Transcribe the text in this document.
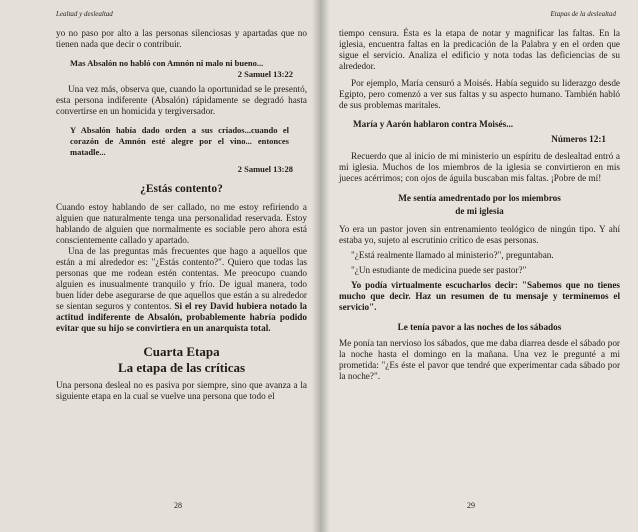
Lealtad y deslealtad

yo no paso por alto a las personas silenciosas y apartadas que no tienen nada que decir o contribuir.

Mas Absalón no habló con Amnón ni malo ni bueno...

2 Samuel 13:22

Una vez más, observa que, cuando la oportunidad se le presentó, esta persona indiferente (Absalón) rápidamente se degradó hasta convertirse en un homicida y tergiversador.

Y Absalón había dado orden a sus criados...cuando el corazón de Amnón esté alegre por el vino... entonces matadle...

2 Samuel 13:28

¿Estás contento?

Cuando estoy hablando de ser callado, no me estoy refiriendo a alguien que naturalmente tenga una personalidad reservada. Estoy hablando de alguien que normalmente es sociable pero ahora está conscientemente callado y apartado.

Una de las preguntas más frecuentes que hago a aquellos que están a mi alrededor es: "¿Estás contento?". Quiero que todas las personas que me rodean estén contentas. Me preocupo cuando alguien es inusualmente tranquilo y frío. De igual manera, todo buen líder debe asegurarse de que aquellos que están a su alrededor se sientan seguros y contentos. Si el rey David hubiera notado la actitud indiferente de Absalón, probablemente habría podido evitar que su hijo se convirtiera en un anarquista total.

Cuarta Etapa

La etapa de las críticas

Una persona desleal no es pasiva por siempre, sino que avanza a la siguiente etapa en la cual se vuelve una persona que todo el

28
Etapas de la deslealtad

tiempo censura. Ésta es la etapa de notar y magnificar las faltas. En la iglesia, encuentra faltas en la predicación de la Palabra y en el orden que sigue el servicio. Analiza el edificio y nota todas las deficiencias de su alrededor.

Por ejemplo, María censuró a Moisés. Había seguido su liderazgo desde Egipto, pero comenzó a ver sus faltas y su aspecto humano. También habló de sus problemas maritales.

María y Aarón hablaron contra Moisés...

Números 12:1

Recuerdo que al inicio de mi ministerio un espíritu de deslealtad entró a mi iglesia. Muchos de los miembros de la iglesia se convirtieron en mis jueces acérrimos; con ojos de águila buscaban mis faltas. ¡Pobre de mí!

Me sentía amedrentado por los miembros

de mi iglesia

Yo era un pastor joven sin entrenamiento teológico de ningún tipo. Y ahí estaba yo, sujeto al escrutinio crítico de esas personas.

"¿Está realmente llamado al ministerio?", preguntaban.

"¿Un estudiante de medicina puede ser pastor?"

Yo podía virtualmente escucharlos decir: "Sabemos que no tienes mucho que decir. Haz un resumen de tu mensaje y terminemos el servicio".

Le tenía pavor a las noches de los sábados

Me ponía tan nervioso los sábados, que me daba diarrea desde el sábado por la noche hasta el domingo en la mañana. Una vez le pregunté a mi prometida: "¿Es éste el pavor que tendré que experimentar cada sábado por la noche?".

29
